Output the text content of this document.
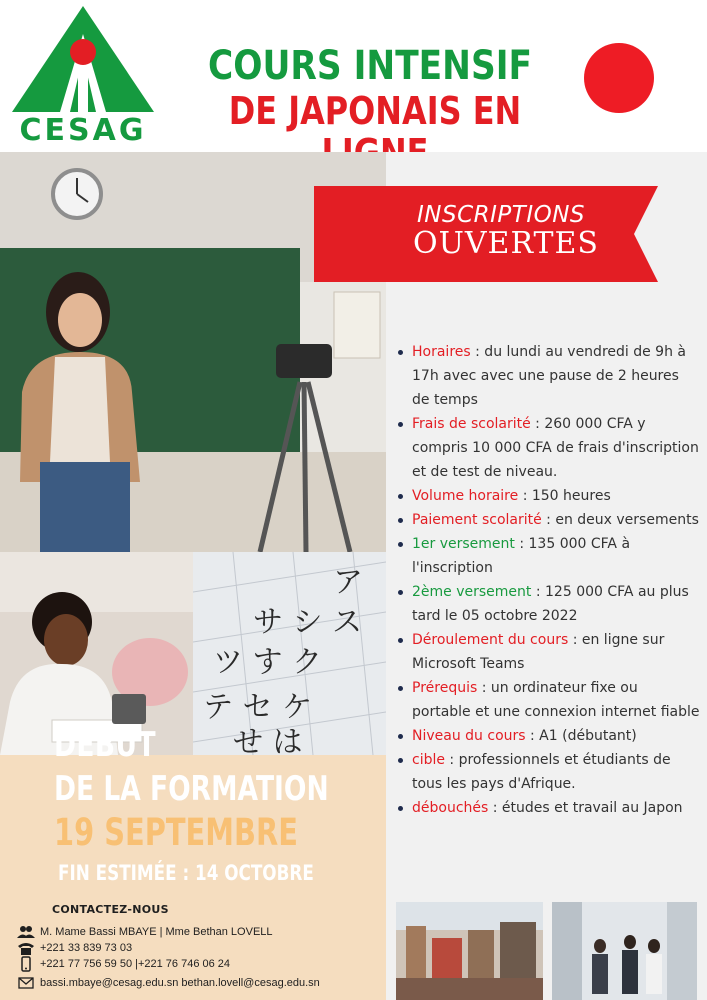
CESAG
COURS INTENSIF
DE JAPONAIS EN
INSCRIPTIONS
OUVERTES
ア
サ シ ス
ツ す ク
テ セ ケ
せ は
DÉBUT
DE LA FORMATION
19 SEPTEMBRE
FIN ESTIMÉE : 14 OCTOBRE
CONTACTEZ-NOUS
M. Mame Bassi MBAYE | Mme Bethan LOVELL
+221 33 839 73 03
+221 77 756 59 50 |+221 76 746 06 24
bassi.mbaye@cesag.edu.sn bethan.lovell@cesag.edu.sn
Horaires : du lundi au vendredi de 9h à 17h avec avec une pause de 2 heures de temps
Frais de scolarité : 260 000 CFA y compris 10 000 CFA de frais d'inscription et de test de niveau.
Volume horaire : 150 heures
Paiement scolarité : en deux versements
1er versement : 135 000 CFA à l'inscription
2ème versement : 125 000 CFA au plus tard le 05 octobre 2022
Déroulement du cours : en ligne sur Microsoft Teams
Prérequis : un ordinateur fixe ou portable et une connexion internet fiable
Niveau du cours : A1 (débutant)
cible : professionnels et étudiants de tous les pays d'Afrique.
débouchés : études et travail au Japon
